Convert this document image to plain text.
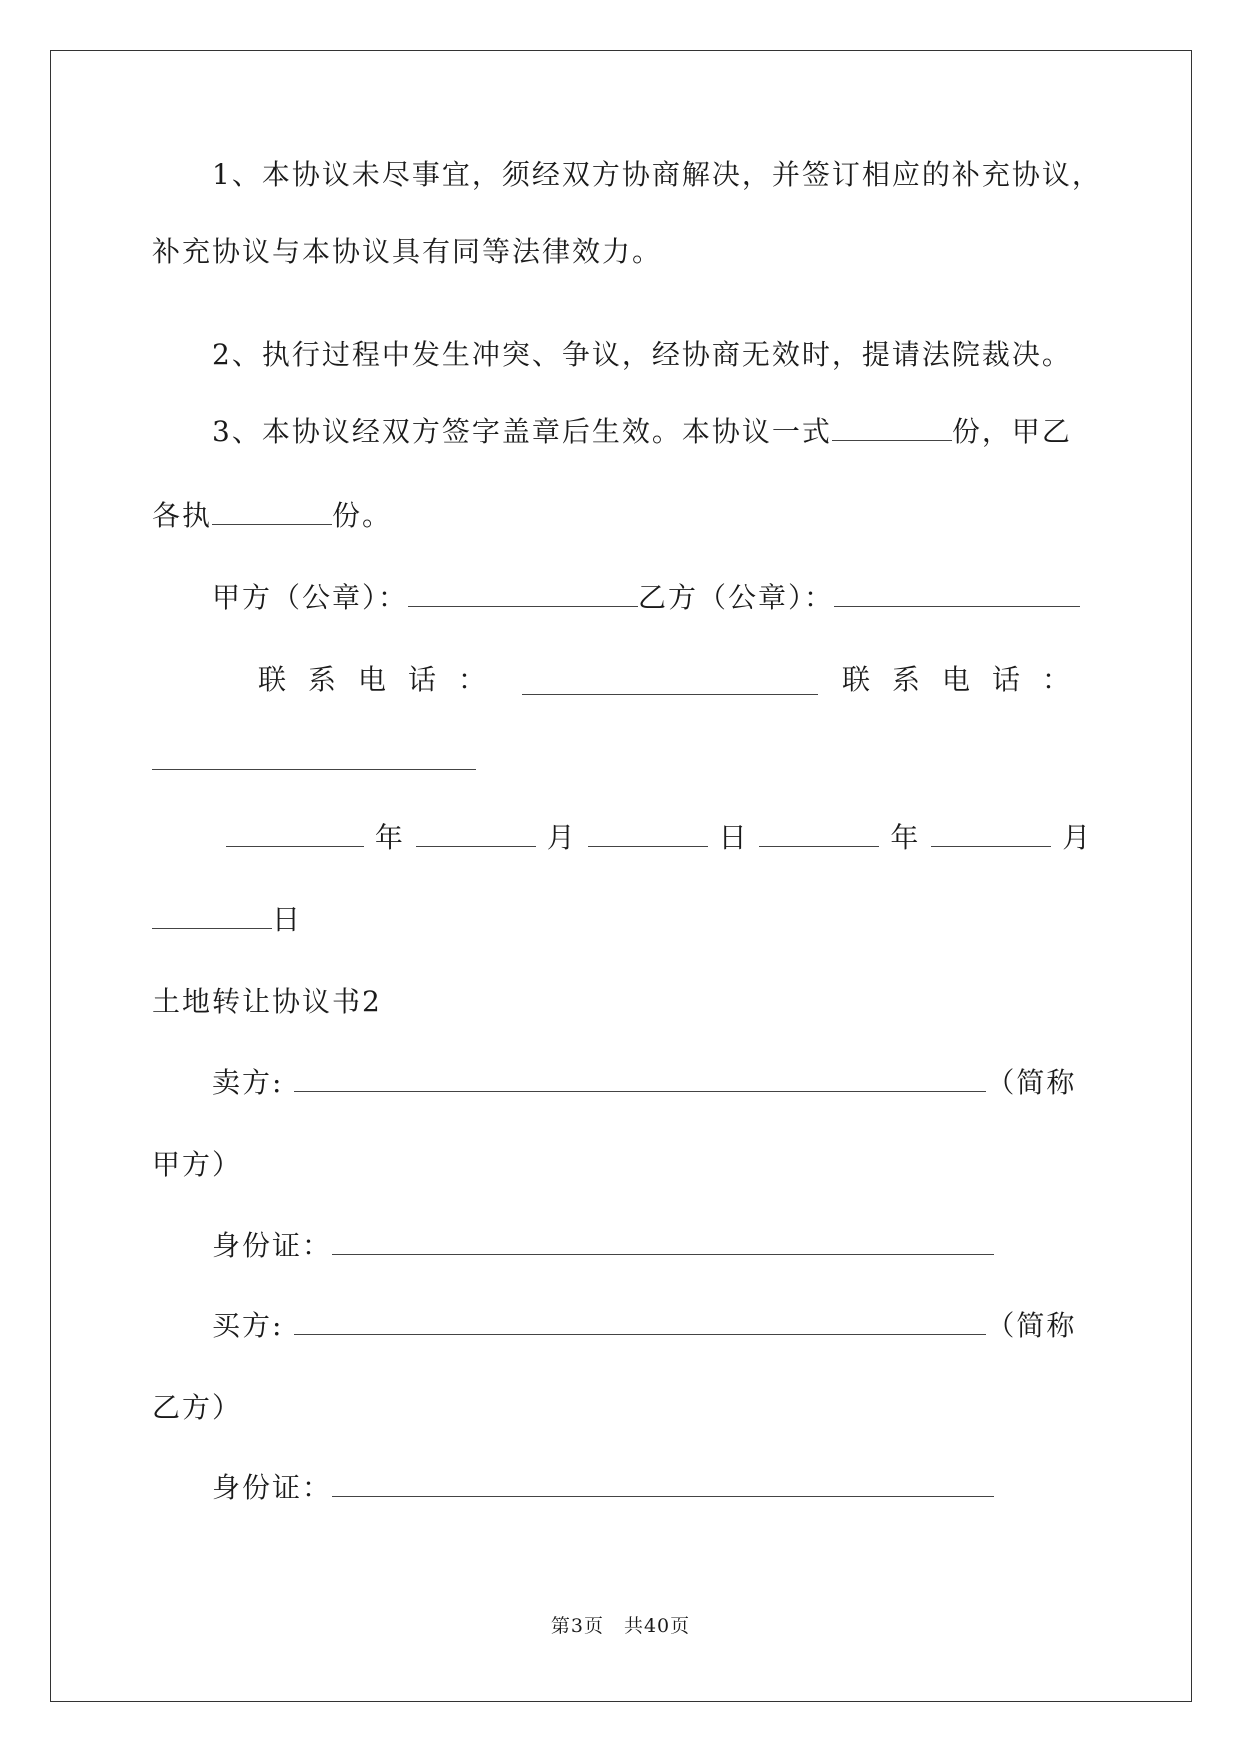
1、本协议未尽事宜，须经双方协商解决，并签订相应的补充协议，
补充协议与本协议具有同等法律效力。
2、执行过程中发生冲突、争议，经协商无效时，提请法院裁决。
3、本协议经双方签字盖章后生效。本协议一式	份，甲乙
各执	份。
甲方（公章）：	乙方（公章）：
联系电话：	联系电话：
年	月	日	年	月
日
土地转让协议书2
卖方:	（简称
甲方）
身份证：
买方:	（简称
乙方）
身份证：
第3页　共40页
